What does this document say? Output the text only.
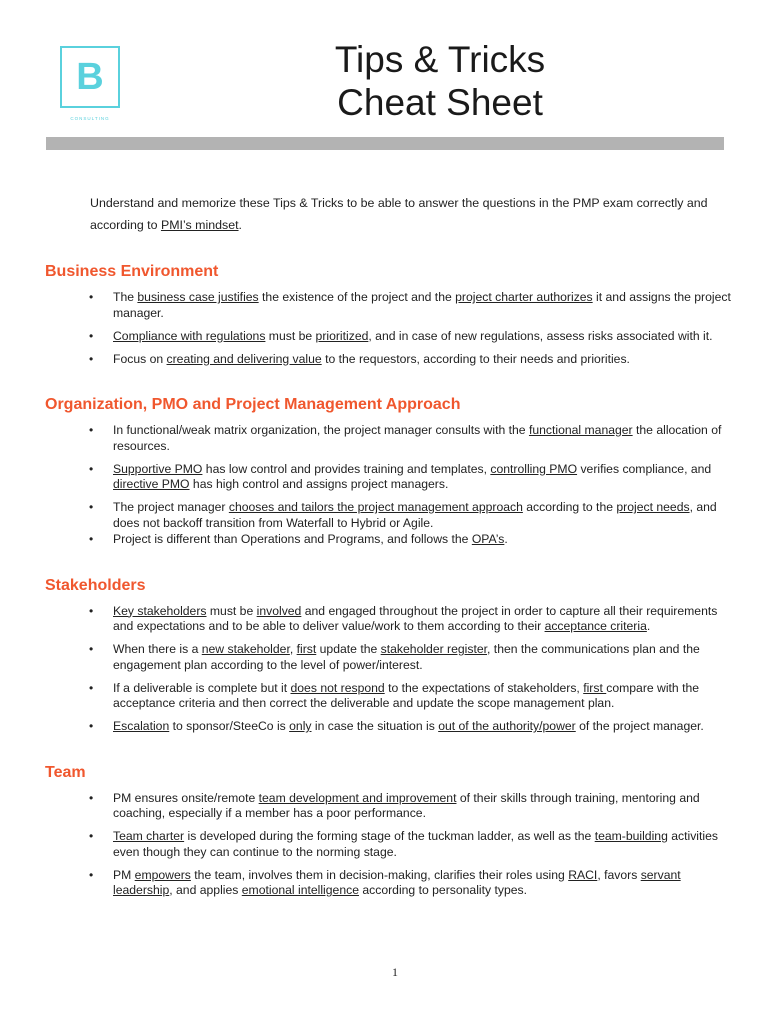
B
CONSULTING
Tips & Tricks
Cheat Sheet

Understand and memorize these Tips & Tricks to be able to answer the questions in the PMP exam correctly and according to PMI’s mindset.

Business Environment
• The business case justifies the existence of the project and the project charter authorizes it and assigns the project manager.
• Compliance with regulations must be prioritized, and in case of new regulations, assess risks associated with it.
• Focus on creating and delivering value to the requestors, according to their needs and priorities.
Organization, PMO and Project Management Approach
• In functional/weak matrix organization, the project manager consults with the functional manager the allocation of resources.
• Supportive PMO has low control and provides training and templates, controlling PMO verifies compliance, and directive PMO has high control and assigns project managers.
• The project manager chooses and tailors the project management approach according to the project needs, and does not backoff transition from Waterfall to Hybrid or Agile.
• Project is different than Operations and Programs, and follows the OPA’s.
Stakeholders
• Key stakeholders must be involved and engaged throughout the project in order to capture all their requirements and expectations and to be able to deliver value/work to them according to their acceptance criteria.
• When there is a new stakeholder, first update the stakeholder register, then the communications plan and the engagement plan according to the level of power/interest.
• If a deliverable is complete but it does not respond to the expectations of stakeholders, first compare with the acceptance criteria and then correct the deliverable and update the scope management plan.
• Escalation to sponsor/SteeCo is only in case the situation is out of the authority/power of the project manager.
Team
• PM ensures onsite/remote team development and improvement of their skills through training, mentoring and coaching, especially if a member has a poor performance.
• Team charter is developed during the forming stage of the tuckman ladder, as well as the team-building activities even though they can continue to the norming stage.
• PM empowers the team, involves them in decision-making, clarifies their roles using RACI, favors servant leadership, and applies emotional intelligence according to personality types.
1
